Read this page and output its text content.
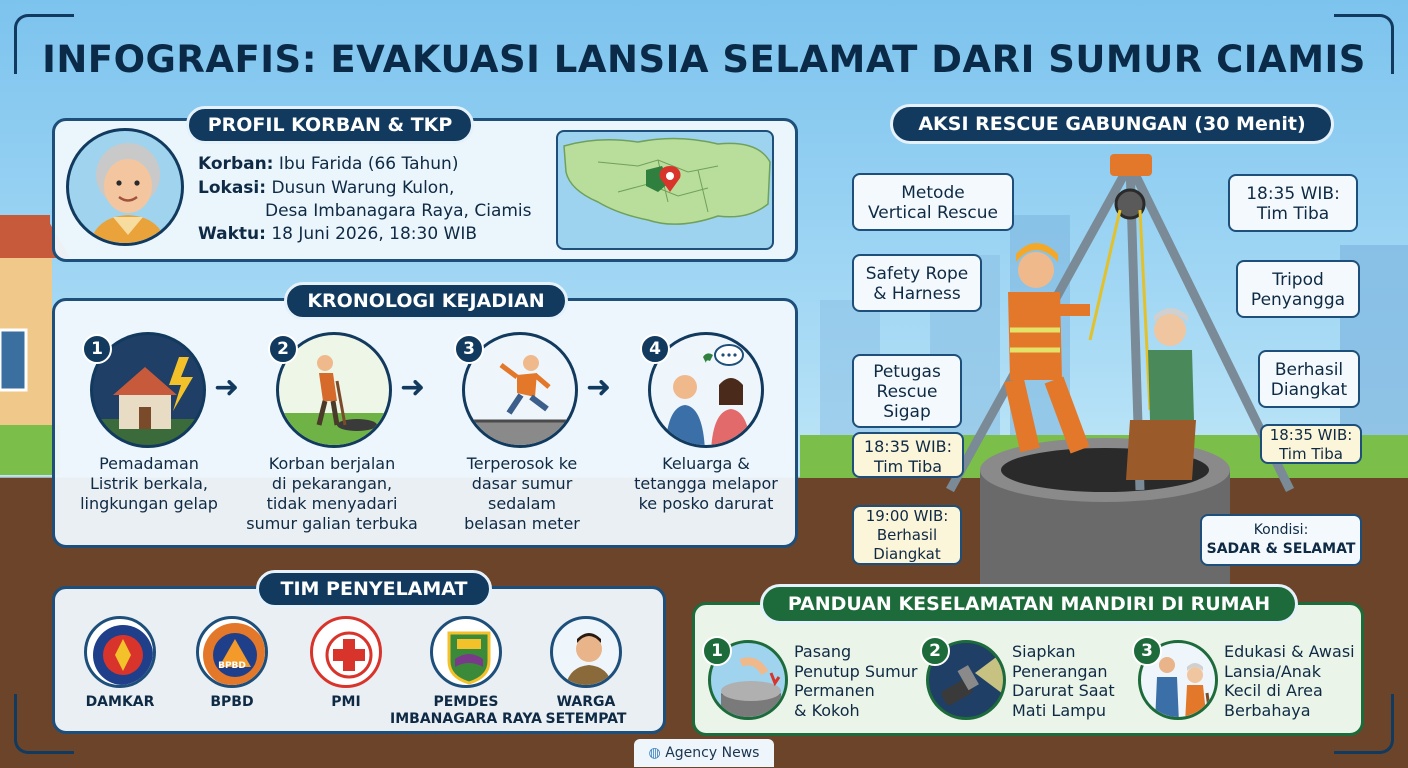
INFOGRAFIS: EVAKUASI LANSIA SELAMAT DARI SUMUR CIAMIS
PROFIL KORBAN & TKP
Korban: Ibu Farida (66 Tahun)
Lokasi: Dusun Warung Kulon,
Desa Imbanagara Raya, Ciamis
Waktu: 18 Juni 2026, 18:30 WIB
KRONOLOGI KEJADIAN
1
Pemadaman
Listrik berkala,
lingkungan gelap
➜
2
Korban berjalan
di pekarangan,
tidak menyadari
sumur galian terbuka
➜
3
Terperosok ke
dasar sumur
sedalam
belasan meter
➜
4
Keluarga &
tetangga melapor
ke posko darurat
TIM PENYELAMAT
DAMKAR
BPBD
BPBD	PMI	PEMDES
IMBANAGARA RAYA
WARGA
SETEMPAT
AKSI RESCUE GABUNGAN (30 Menit)
Metode
Vertical Rescue
Safety Rope
& Harness
Petugas
Rescue
Sigap
18:35 WIB:
Tim Tiba
19:00 WIB:
Berhasil
Diangkat
18:35 WIB:
Tim Tiba
Tripod
Penyangga
Berhasil
Diangkat
18:35 WIB:
Tim Tiba
Kondisi:
SADAR & SELAMAT
PANDUAN KESELAMATAN MANDIRI DI RUMAH
1	Pasang
Penutup Sumur
Permanen
& Kokoh
2	Siapkan
Penerangan
Darurat Saat
Mati Lampu
3	Edukasi & Awasi
Lansia/Anak
Kecil di Area
Berbahaya
◍ Agency News
